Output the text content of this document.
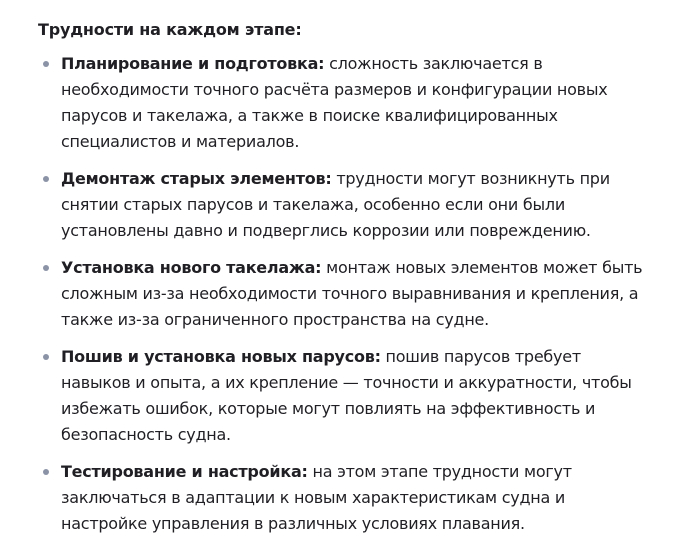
Трудности на каждом этапе:
Планирование и подготовка: сложность заключается в необходимости точного расчёта размеров и конфигурации новых парусов и такелажа, а также в поиске квалифицированных специалистов и материалов.
Демонтаж старых элементов: трудности могут возникнуть при снятии старых парусов и такелажа, особенно если они были установлены давно и подверглись коррозии или повреждению.
Установка нового такелажа: монтаж новых элементов может быть сложным из-за необходимости точного выравнивания и крепления, а также из-за ограниченного пространства на судне.
Пошив и установка новых парусов: пошив парусов требует навыков и опыта, а их крепление — точности и аккуратности, чтобы избежать ошибок, которые могут повлиять на эффективность и безопасность судна.
Тестирование и настройка: на этом этапе трудности могут заключаться в адаптации к новым характеристикам судна и настройке управления в различных условиях плавания.
